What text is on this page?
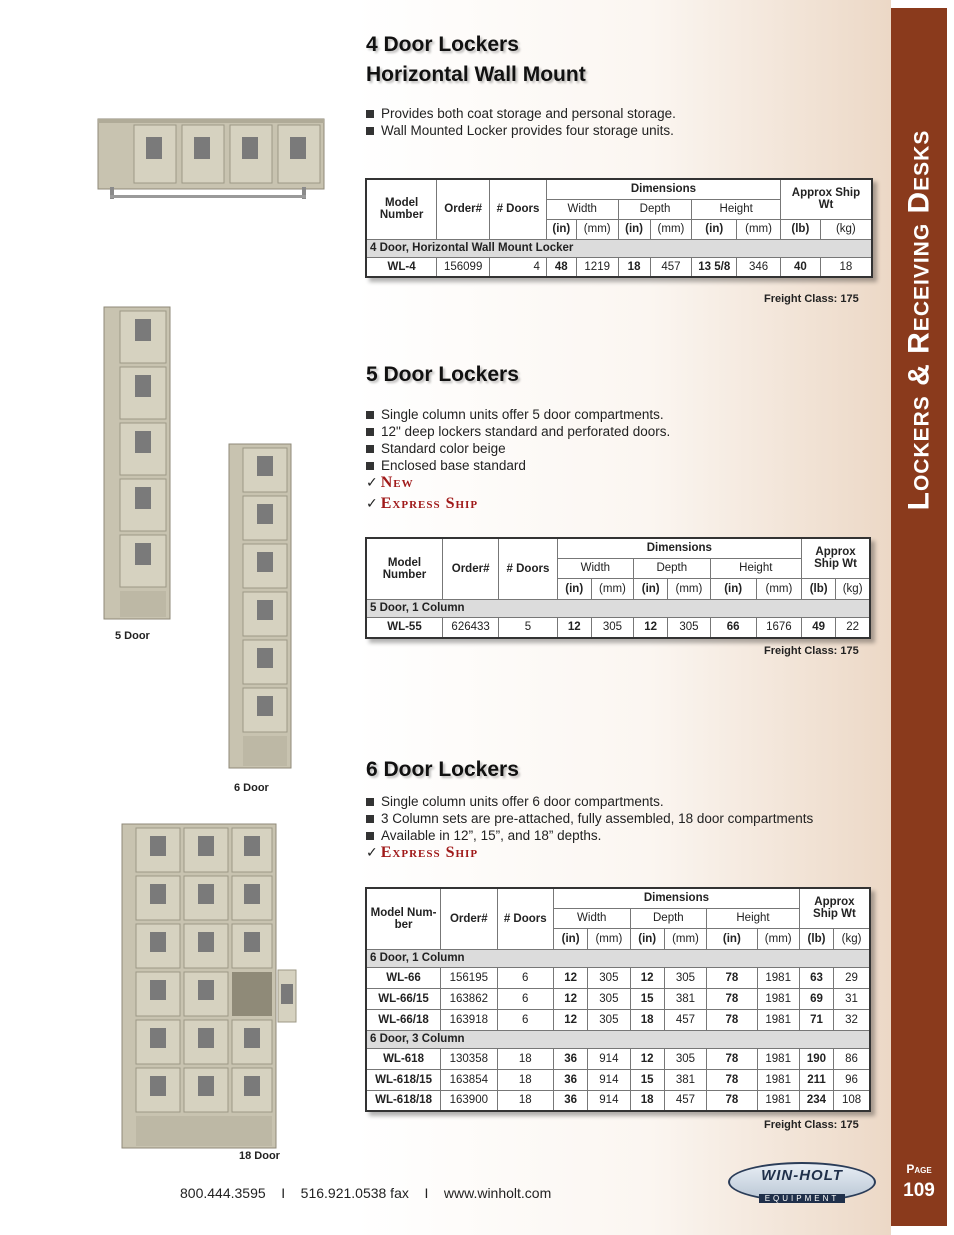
Lockers & Receiving Desks
Page
109
5 Door
6 Door
18 Door
4 Door Lockers
Horizontal Wall Mount
Provides both coat storage and personal storage.
Wall Mounted Locker provides four storage units.
Model Number	Order#	# Doors	Dimensions						Approx Ship Wt	
			Width		Depth		Height			
			(in)	(mm)	(in)	(mm)	(in)	(mm)	(lb)	(kg)
4 Door, Horizontal Wall Mount Locker										
WL-4	156099	4	48	1219	18	457	13 5/8	346	40	18
Freight Class: 175
5 Door Lockers
Single column units offer 5 door compartments.
12" deep lockers standard and perforated doors.
Standard color beige
Enclosed base standard
✓ New
✓ Express Ship
Model Number	Order#	# Doors	Dimensions						Approx Ship Wt	
			Width		Depth		Height			
			(in)	(mm)	(in)	(mm)	(in)	(mm)	(lb)	(kg)
5 Door, 1 Column										
WL-55	626433	5	12	305	12	305	66	1676	49	22
Freight Class: 175
6 Door Lockers
Single column units offer 6 door compartments.
3 Column sets are pre-attached, fully assembled, 18 door compartments
Available in 12”, 15”, and 18” depths.
✓ Express Ship
Model Num-ber	Order#	# Doors	Dimensions						Approx Ship Wt	
			Width		Depth		Height			
			(in)	(mm)	(in)	(mm)	(in)	(mm)	(lb)	(kg)
6 Door, 1 Column										
WL-66	156195	6	12	305	12	305	78	1981	63	29
WL-66/15	163862	6	12	305	15	381	78	1981	69	31
WL-66/18	163918	6	12	305	18	457	78	1981	71	32
6 Door, 3 Column										
WL-618	130358	18	36	914	12	305	78	1981	190	86
WL-618/15	163854	18	36	914	15	381	78	1981	211	96
WL-618/18	163900	18	36	914	18	457	78	1981	234	108
Freight Class: 175
800.444.3595 I 516.921.0538 fax I www.winholt.com
WIN-HOLT
EQUIPMENT
